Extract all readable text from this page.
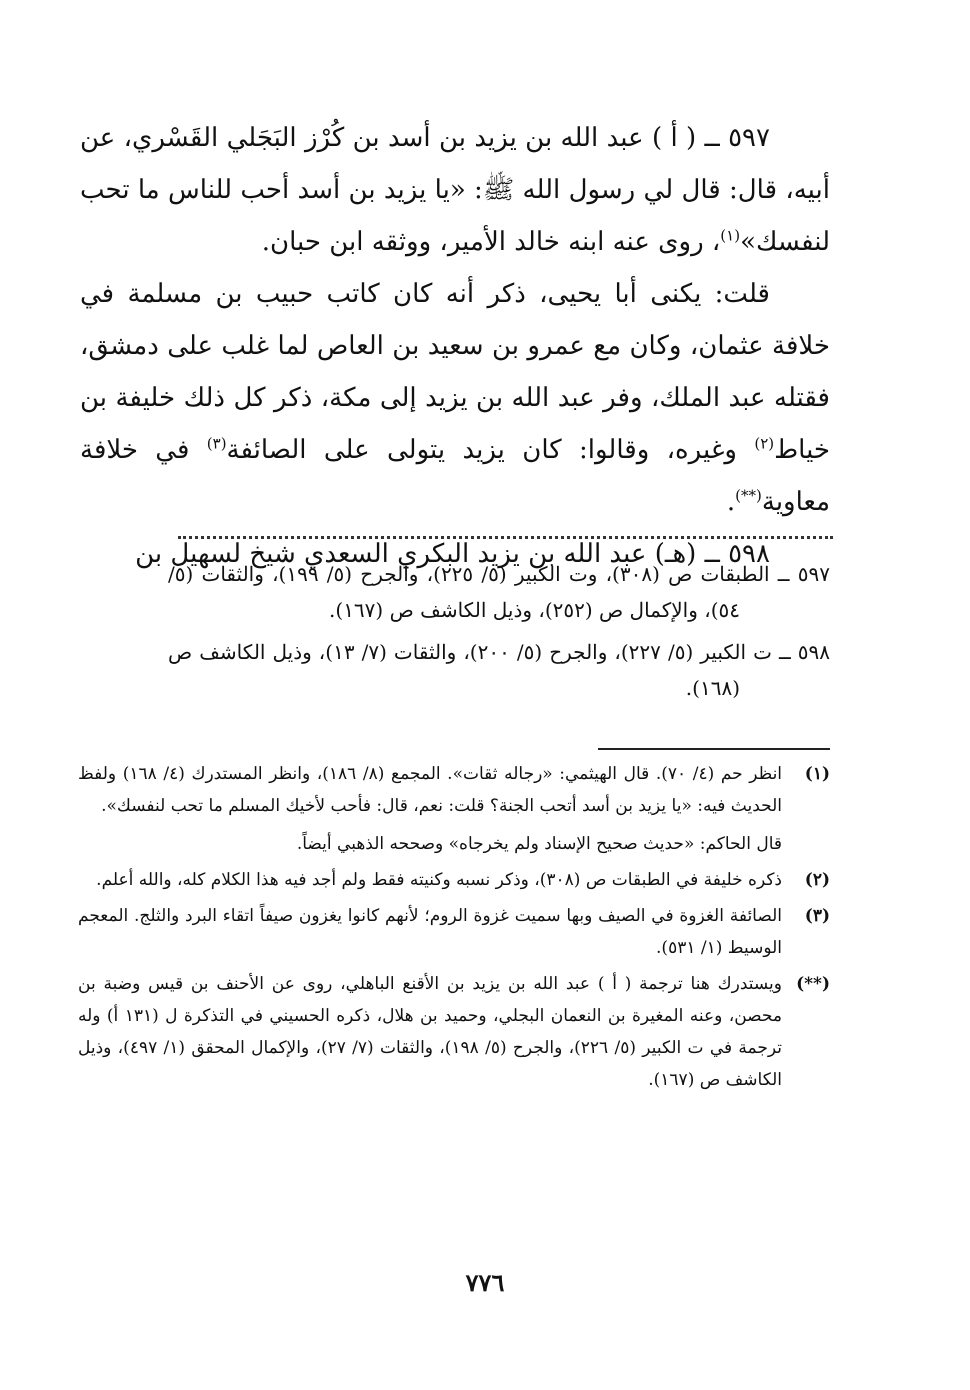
٥٩٧ ــ ( أ ) عبد الله بن يزيد بن أسد بن كُرْز البَجَلي القَسْري، عن أبيه، قال: قال لي رسول الله ﷺ: «يا يزيد بن أسد أحب للناس ما تحب لنفسك»$^{(١)}$، روى عنه ابنه خالد الأمير، ووثقه ابن حبان.

قلت: يكنى أبا يحيى، ذكر أنه كان كاتب حبيب بن مسلمة في خلافة عثمان، وكان مع عمرو بن سعيد بن العاص لما غلب على دمشق، فقتله عبد الملك، وفر عبد الله بن يزيد إلى مكة، ذكر كل ذلك خليفة بن خياط$^{(٢)}$ وغيره، وقالوا: كان يزيد يتولى على الصائفة$^{(٣)}$ في خلافة معاوية(**).

٥٩٨ ــ (هـ) عبد الله بن يزيد البكري السعدي شيخ لسهيل بن

٥٩٧ ــ الطبقات ص (٣٠٨)، وت الكبير (٥/ ٢٢٥)، والجرح (٥/ ١٩٩)، والثقات (٥/ ٥٤)، والإكمال ص (٢٥٢)، وذيل الكاشف ص (١٦٧).

٥٩٨ ــ ت الكبير (٥/ ٢٢٧)، والجرح (٥/ ٢٠٠)، والثقات (٧/ ١٣)، وذيل الكاشف ص (١٦٨).

(١)

انظر حم (٤/ ٧٠). قال الهيثمي: «رجاله ثقات». المجمع (٨/ ١٨٦)، وانظر المستدرك (٤/ ١٦٨) ولفظ الحديث فيه: «يا يزيد بن أسد أتحب الجنة؟ قلت: نعم، قال: فأحب لأخيك المسلم ما تحب لنفسك».

قال الحاكم: «حديث صحيح الإسناد ولم يخرجاه» وصححه الذهبي أيضاً.

(٢)

ذكره خليفة في الطبقات ص (٣٠٨)، وذكر نسبه وكنيته فقط ولم أجد فيه هذا الكلام كله، والله أعلم.

(٣)

الصائفة الغزوة في الصيف وبها سميت غزوة الروم؛ لأنهم كانوا يغزون صيفاً اتقاء البرد والثلج. المعجم الوسيط (١/ ٥٣١).

(**)

ويستدرك هنا ترجمة ( أ ) عبد الله بن يزيد بن الأقنع الباهلي، روى عن الأحنف بن قيس وضبة بن محصن، وعنه المغيرة بن النعمان البجلي، وحميد بن هلال، ذكره الحسيني في التذكرة ل (١٣١ أ) وله ترجمة في ت الكبير (٥/ ٢٢٦)، والجرح (٥/ ١٩٨)، والثقات (٧/ ٢٧)، والإكمال المحقق (١/ ٤٩٧)، وذيل الكاشف ص (١٦٧).

٧٧٦
